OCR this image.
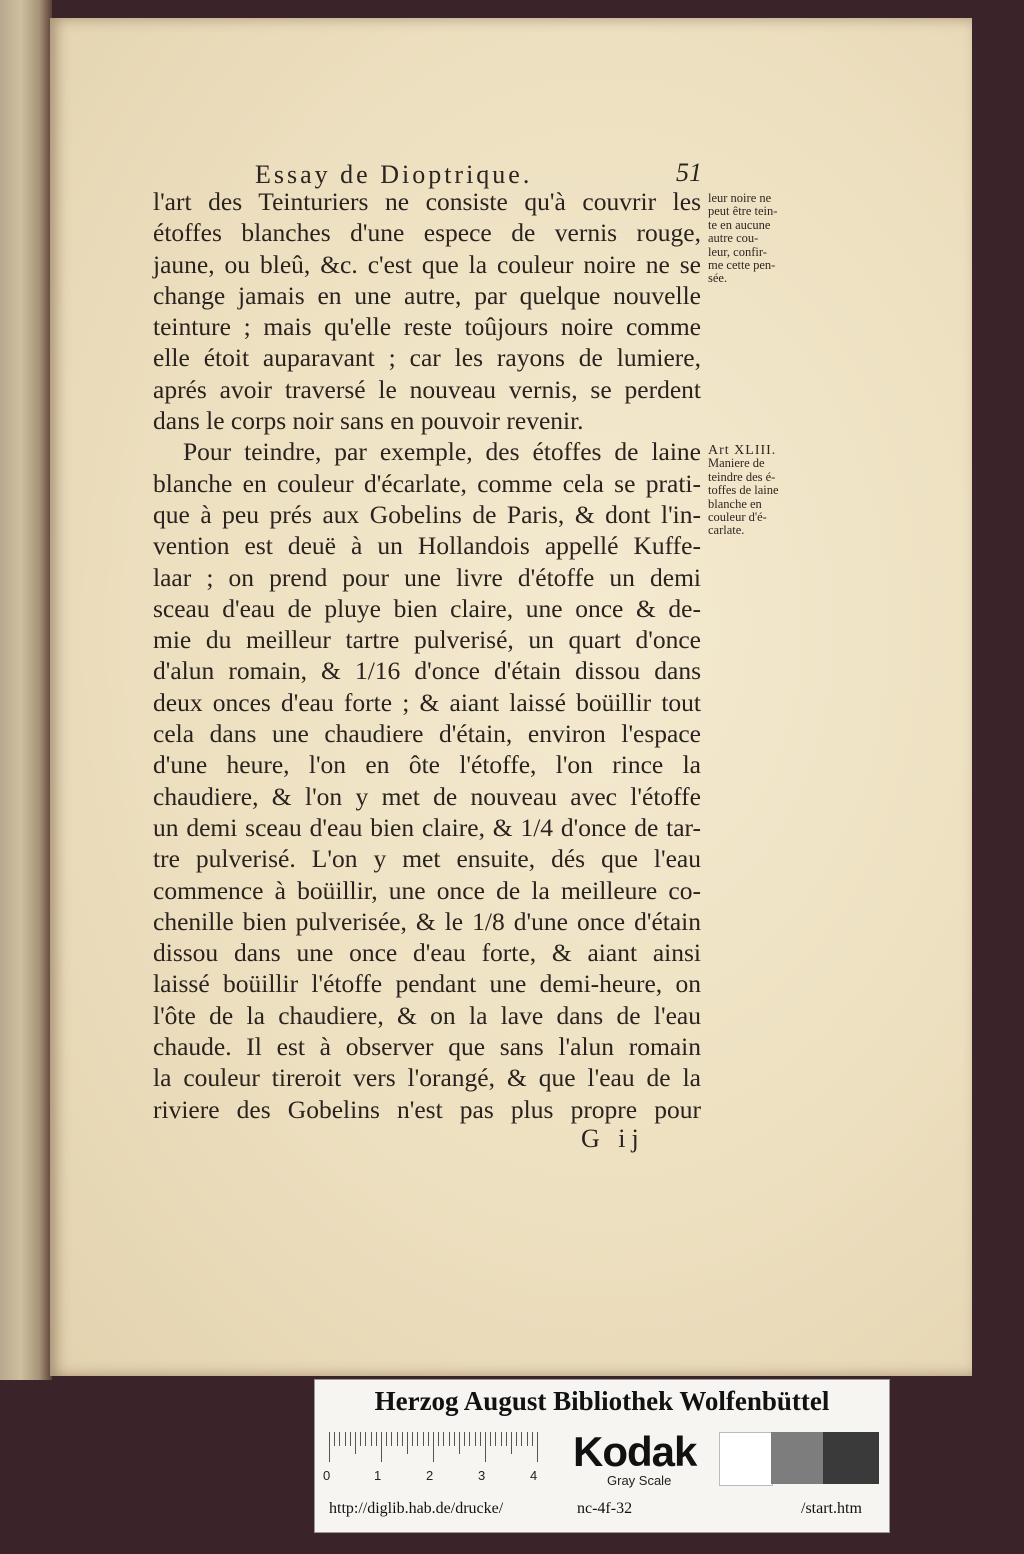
Essay de Dioptrique.	51
l'art des Teinturiers ne consiste qu'à couvrir les
étoffes blanches d'une espece de vernis rouge,
jaune, ou bleû, &c. c'est que la couleur noire ne se
change jamais en une autre, par quelque nouvelle
teinture ; mais qu'elle reste toûjours noire comme
elle étoit auparavant ; car les rayons de lumiere,
aprés avoir traversé le nouveau vernis, se perdent
dans le corps noir sans en pouvoir revenir.
Pour teindre, par exemple, des étoffes de laine
blanche en couleur d'écarlate, comme cela se prati-
que à peu prés aux Gobelins de Paris, & dont l'in-
vention est deuë à un Hollandois appellé Kuffe-
laar ; on prend pour une livre d'étoffe un demi
sceau d'eau de pluye bien claire, une once & de-
mie du meilleur tartre pulverisé, un quart d'once
d'alun romain, & 1/16 d'once d'étain dissou dans
deux onces d'eau forte ; & aiant laissé boüillir tout
cela dans une chaudiere d'étain, environ l'espace
d'une heure, l'on en ôte l'étoffe, l'on rince la
chaudiere, & l'on y met de nouveau avec l'étoffe
un demi sceau d'eau bien claire, & 1/4 d'once de tar-
tre pulverisé. L'on y met ensuite, dés que l'eau
commence à boüillir, une once de la meilleure co-
chenille bien pulverisée, & le 1/8 d'une once d'étain
dissou dans une once d'eau forte, & aiant ainsi
laissé boüillir l'étoffe pendant une demi-heure, on
l'ôte de la chaudiere, & on la lave dans de l'eau
chaude. Il est à observer que sans l'alun romain
la couleur tireroit vers l'orangé, & que l'eau de la
riviere des Gobelins n'est pas plus propre pour
leur noire ne
peut être tein-
te en aucune
autre cou-
leur, confir-
me cette pen-
sée.
Art XLIII.
Maniere de
teindre des é-
toffes de laine
blanche en
couleur d'é-
carlate.
G ij
Herzog August Bibliothek Wolfenbüttel
0	1	2	3	4
Kodak
Gray Scale
http://diglib.hab.de/drucke/	nc-4f-32	/start.htm
